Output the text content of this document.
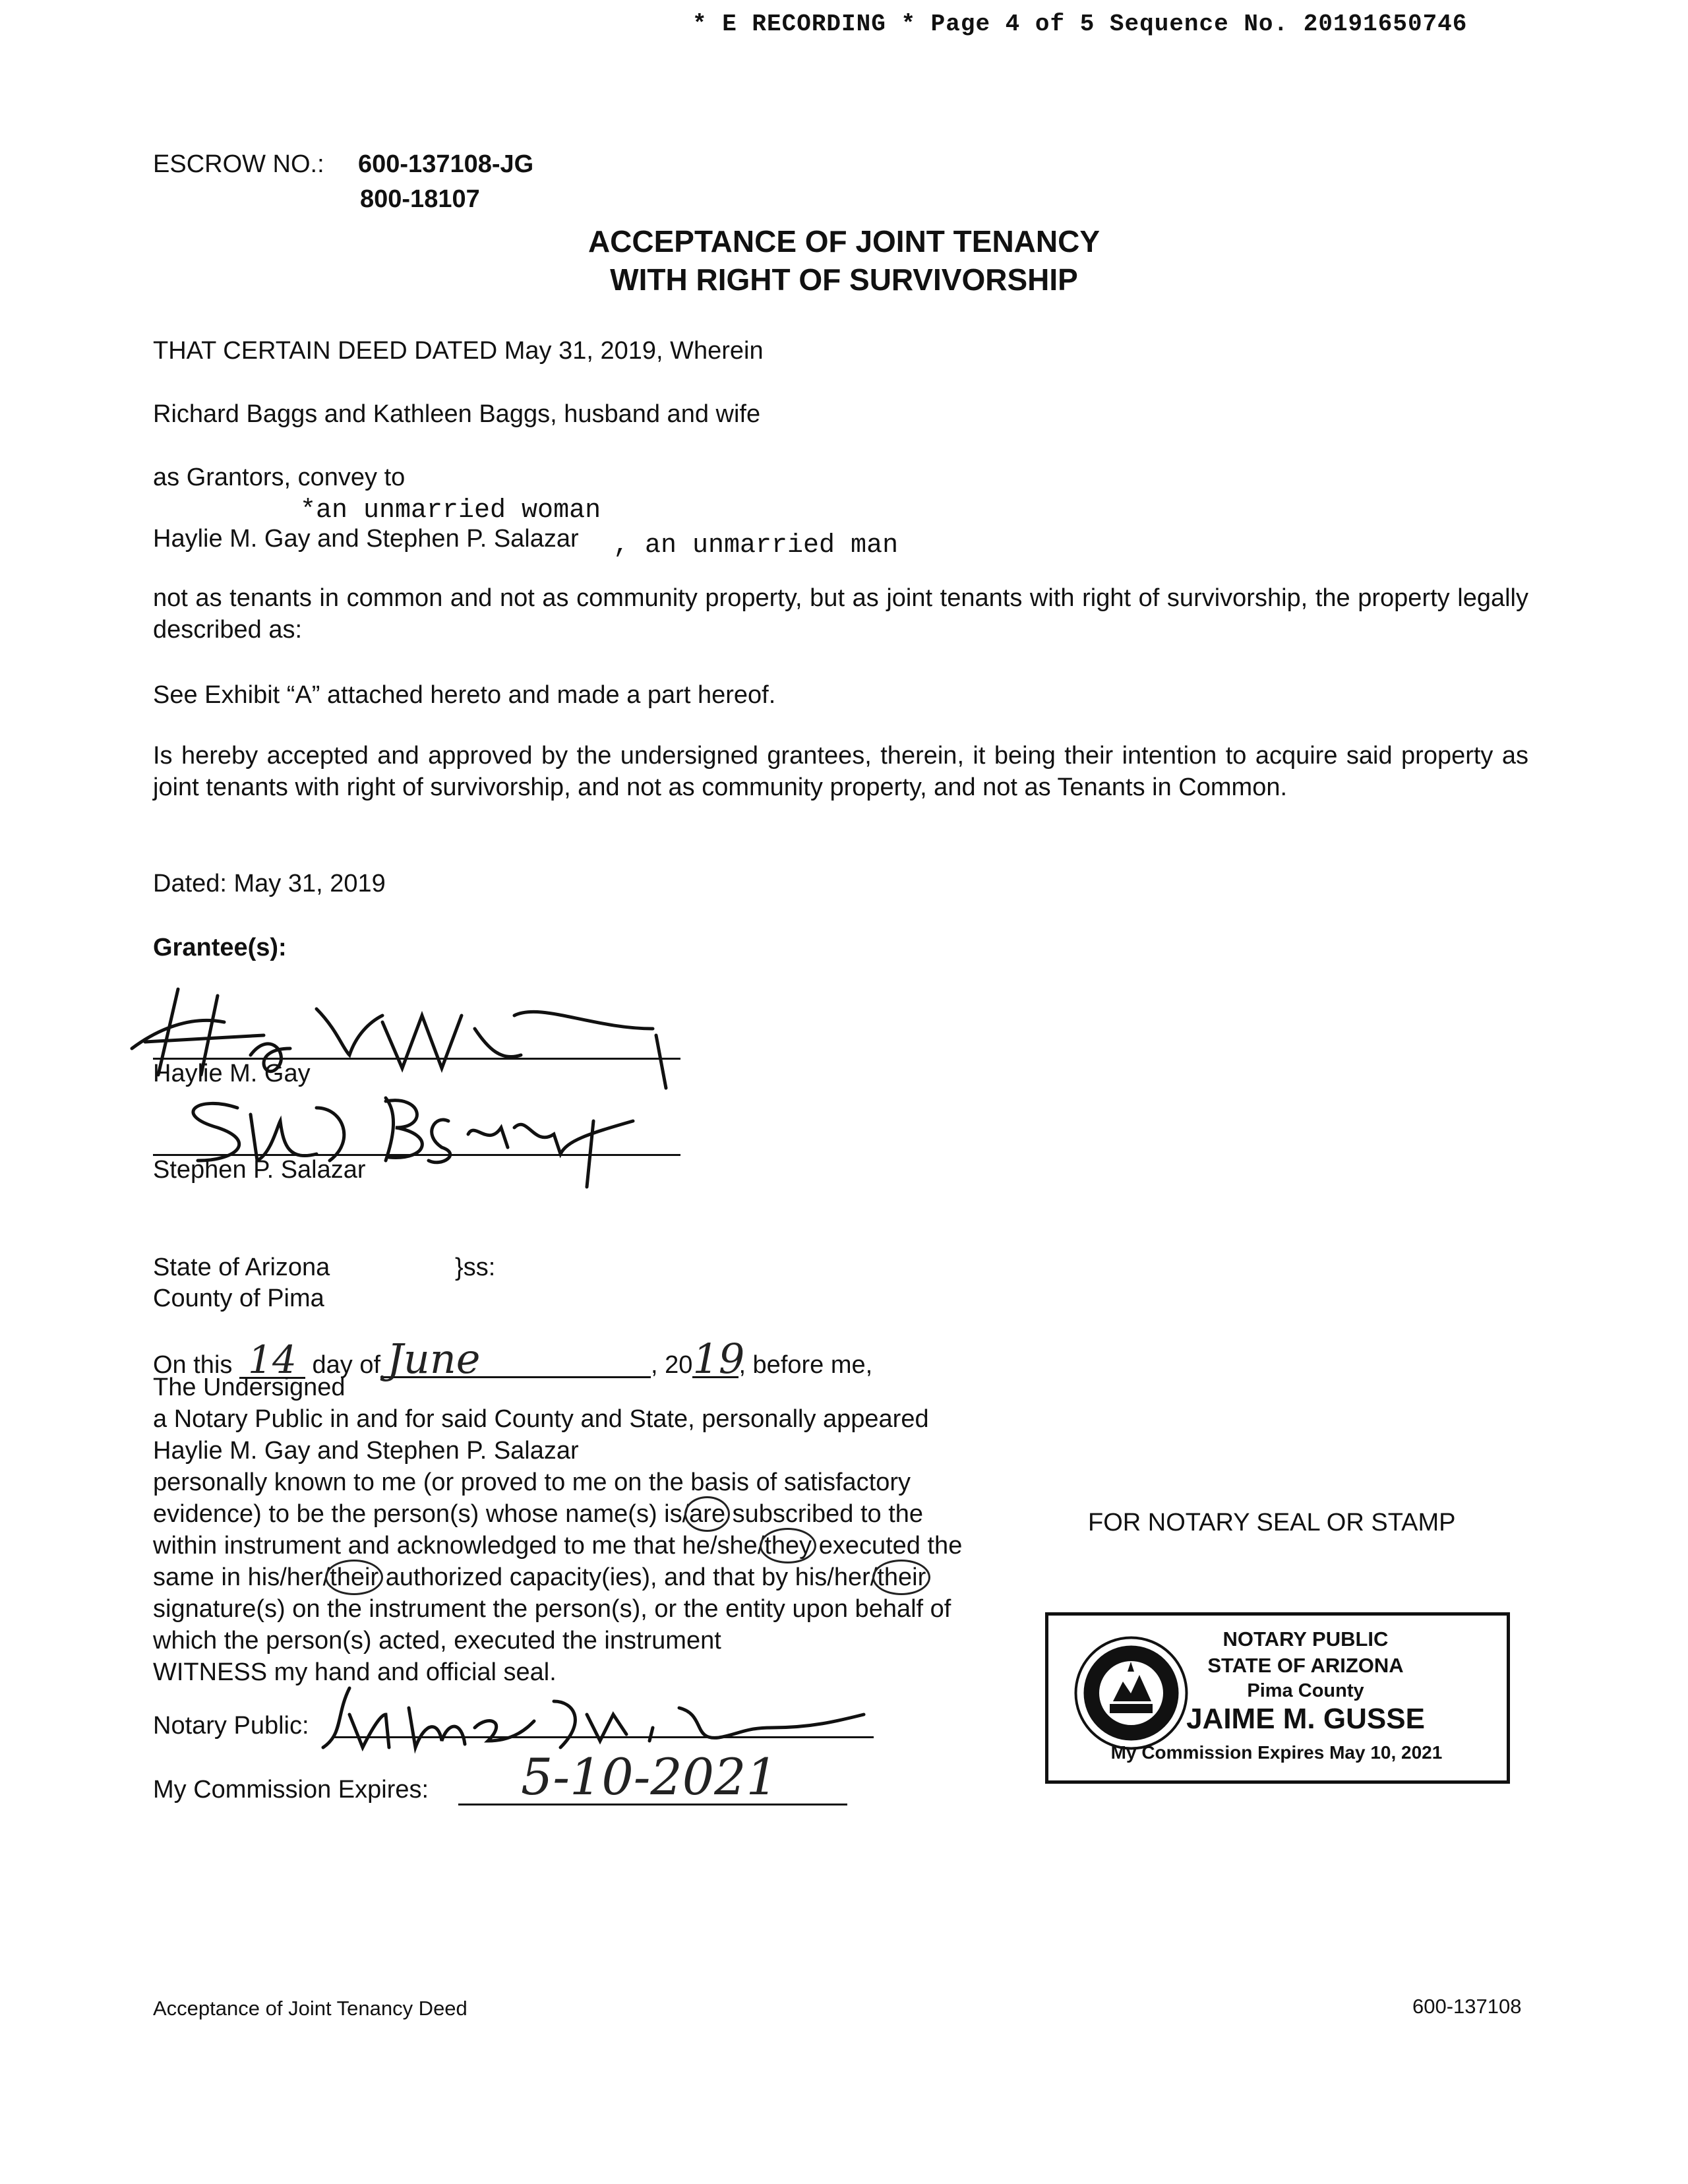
* E RECORDING * Page 4 of 5 Sequence No. 20191650746
ESCROW NO.: 600-137108-JG
800-18107
ACCEPTANCE OF JOINT TENANCY
WITH RIGHT OF SURVIVORSHIP
THAT CERTAIN DEED DATED May 31, 2019, Wherein
Richard Baggs and Kathleen Baggs, husband and wife
as Grantors, convey to
*an unmarried woman
Haylie M. Gay and Stephen P. Salazar , an unmarried man
not as tenants in common and not as community property, but as joint tenants with right of survivorship, the property legally described as:
See Exhibit “A” attached hereto and made a part hereof.
Is hereby accepted and approved by the undersigned grantees, therein, it being their intention to acquire said property as joint tenants with right of survivorship, and not as community property, and not as Tenants in Common.
Dated: May 31, 2019
Grantee(s):
Haylie M. Gay
Stephen P. Salazar
State of Arizona	}ss:
County of Pima
On this 14 day of June	, 2019, before me,
The Undersigned
a Notary Public in and for said County and State, personally appeared
Haylie M. Gay and Stephen P. Salazar
personally known to me (or proved to me on the basis of satisfactory
evidence) to be the person(s) whose name(s) is/are subscribed to the
within instrument and acknowledged to me that he/she/they executed the
same in his/her/their authorized capacity(ies), and that by his/her/their
signature(s) on the instrument the person(s), or the entity upon behalf of
which the person(s) acted, executed the instrument
WITNESS my hand and official seal.
Notary Public:
My Commission Expires: 5-10-2021
FOR NOTARY SEAL OR STAMP
NOTARY PUBLIC
STATE OF ARIZONA
Pima County
JAIME M. GUSSE
My Commission Expires May 10, 2021
Acceptance of Joint Tenancy Deed	600-137108
